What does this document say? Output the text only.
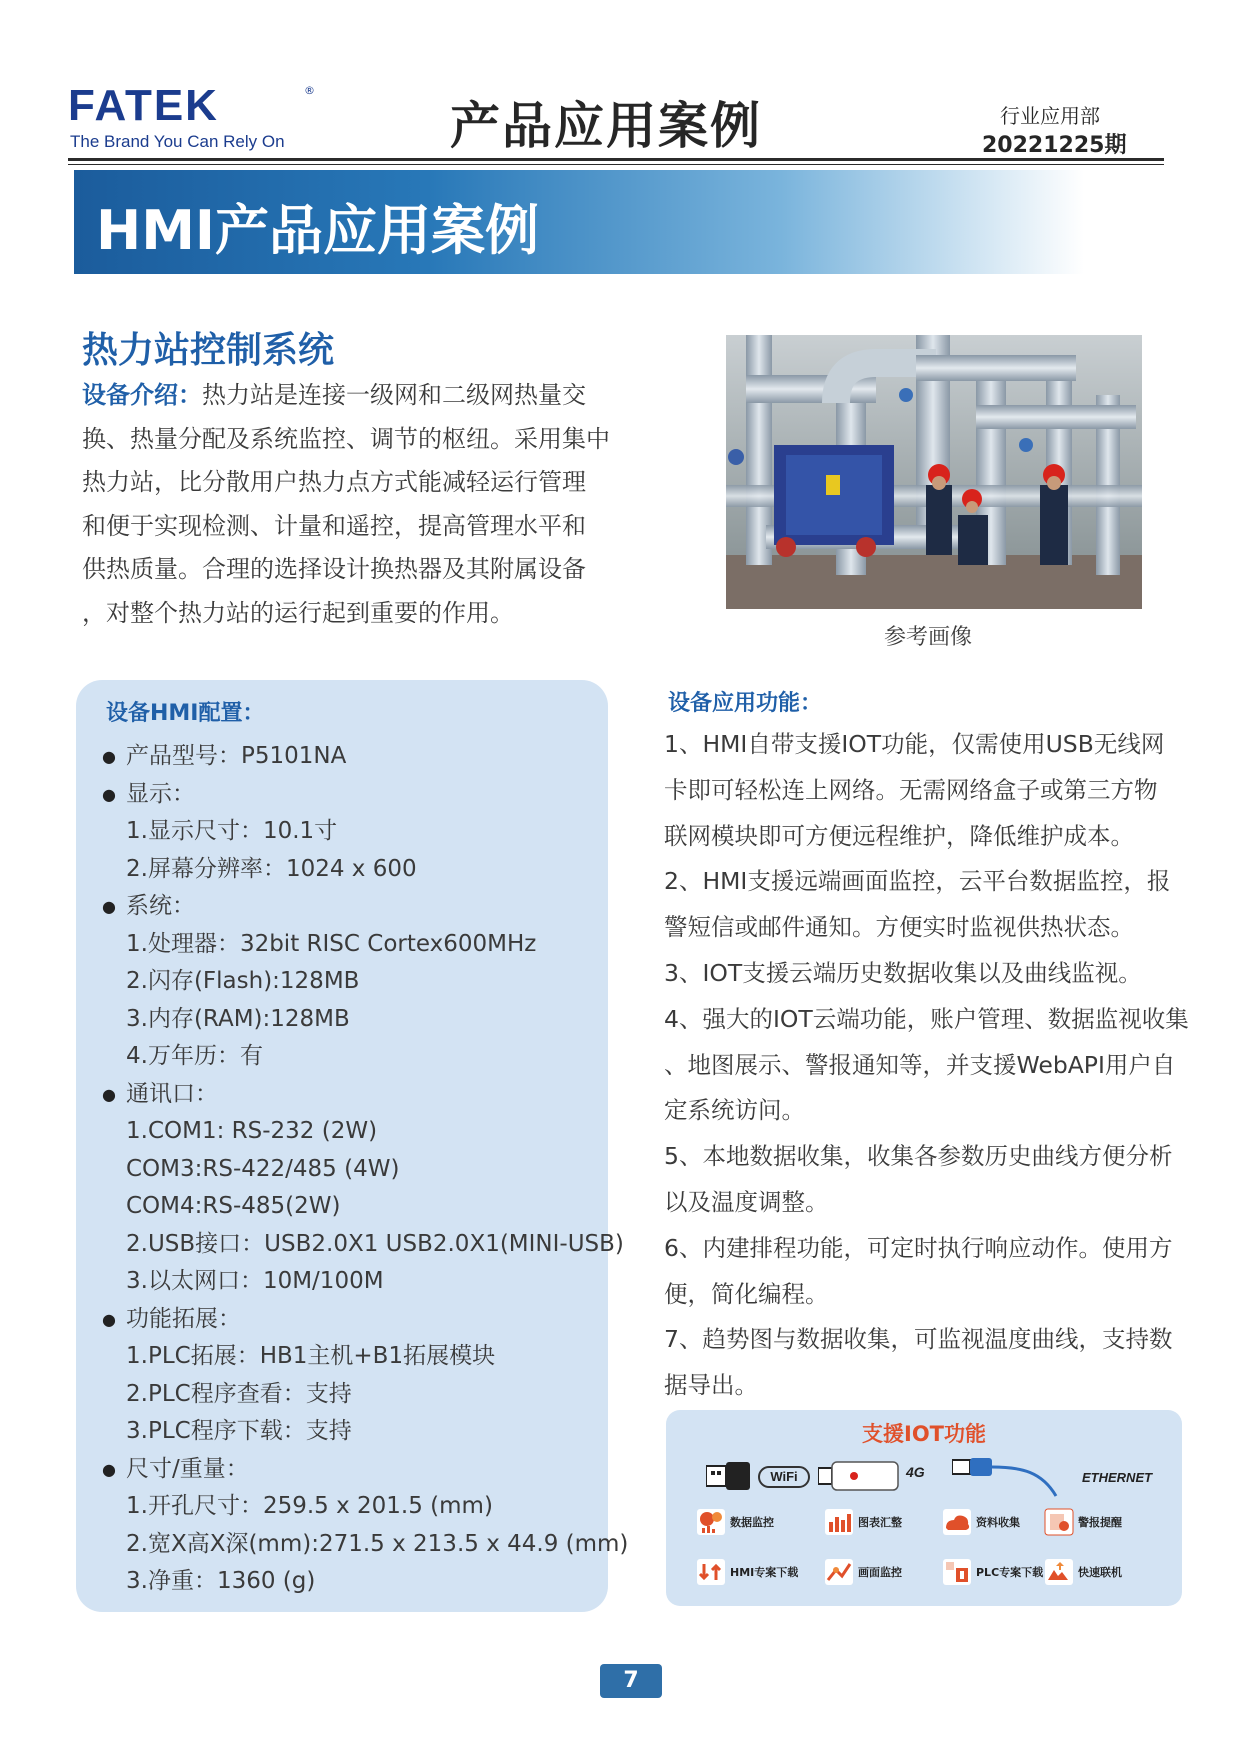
FATEK	®
The Brand You Can Rely On	产品应用案例	行业应用部
20221225期
HMI产品应用案例
热力站控制系统
设备介绍：热力站是连接一级网和二级网热量交
换、热量分配及系统监控、调节的枢纽。采用集中
热力站，比分散用户热力点方式能减轻运行管理
和便于实现检测、计量和遥控，提高管理水平和
供热质量。合理的选择设计换热器及其附属设备
，对整个热力站的运行起到重要的作用。
参考画像
设备HMI配置：
● 产品型号：P5101NA
● 显示：
1.显示尺寸：10.1寸
2.屏幕分辨率：1024 x 600
● 系统：
1.处理器：32bit RISC Cortex600MHz
2.闪存(Flash):128MB
3.内存(RAM):128MB
4.万年历：有
● 通讯口：
1.COM1: RS-232 (2W)
COM3:RS-422/485 (4W)
COM4:RS-485(2W)
2.USB接口：USB2.0X1 USB2.0X1(MINI-USB)
3.以太网口：10M/100M
● 功能拓展：
1.PLC拓展：HB1主机+B1拓展模块
2.PLC程序查看：支持
3.PLC程序下载：支持
● 尺寸/重量：
1.开孔尺寸：259.5 x 201.5 (mm)
2.宽X高X深(mm):271.5 x 213.5 x 44.9 (mm)
3.净重：1360 (g)
设备应用功能：
1、HMI自带支援IOT功能，仅需使用USB无线网
卡即可轻松连上网络。无需网络盒子或第三方物
联网模块即可方便远程维护，降低维护成本。
2、HMI支援远端画面监控，云平台数据监控，报
警短信或邮件通知。方便实时监视供热状态。
3、IOT支援云端历史数据收集以及曲线监视。
4、强大的IOT云端功能，账户管理、数据监视收集
、地图展示、警报通知等，并支援WebAPI用户自
定系统访问。
5、本地数据收集，收集各参数历史曲线方便分析
以及温度调整。
6、内建排程功能，可定时执行响应动作。使用方
便，简化编程。
7、趋势图与数据收集，可监视温度曲线，支持数
据导出。
支援IOT功能
WiFi	4G	ETHERNET
数据监控	图表汇整	资料收集	警报提醒
HMI专案下载	画面监控	PLC专案下载	快速联机
7
